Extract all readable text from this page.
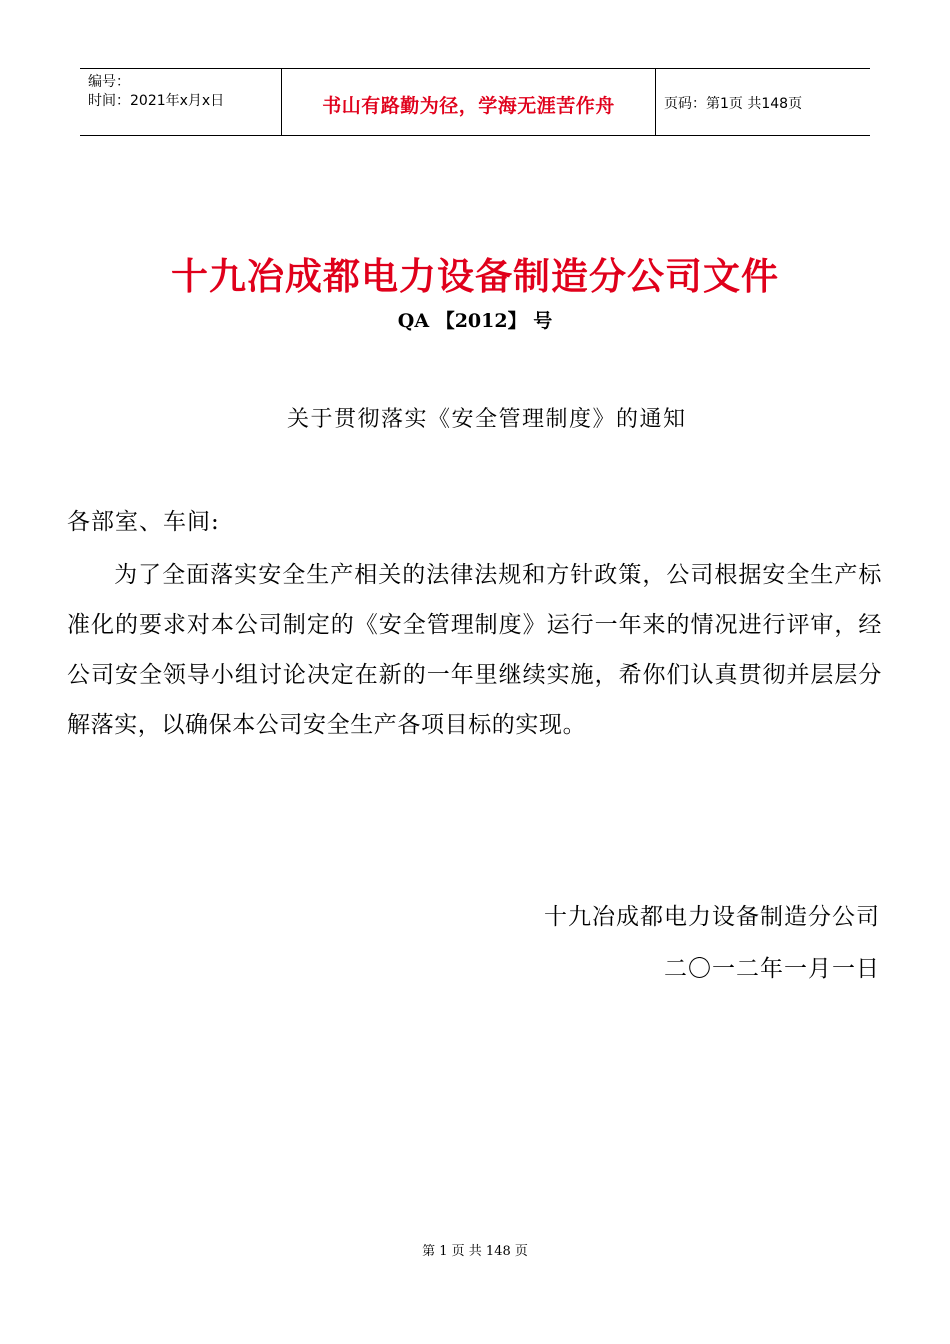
编号：
时间：2021年x月x日	书山有路勤为径，学海无涯苦作舟	页码：第1页 共148页
十九冶成都电力设备制造分公司文件
QA 【2012】 号
关于贯彻落实《安全管理制度》的通知
各部室、车间:
为了全面落实安全生产相关的法律法规和方针政策，公司根据安全生产标准化的要求对本公司制定的《安全管理制度》运行一年来的情况进行评审，经公司安全领导小组讨论决定在新的一年里继续实施，希你们认真贯彻并层层分解落实，以确保本公司安全生产各项目标的实现。
十九冶成都电力设备制造分公司
二〇一二年一月一日
第 1 页 共 148 页
